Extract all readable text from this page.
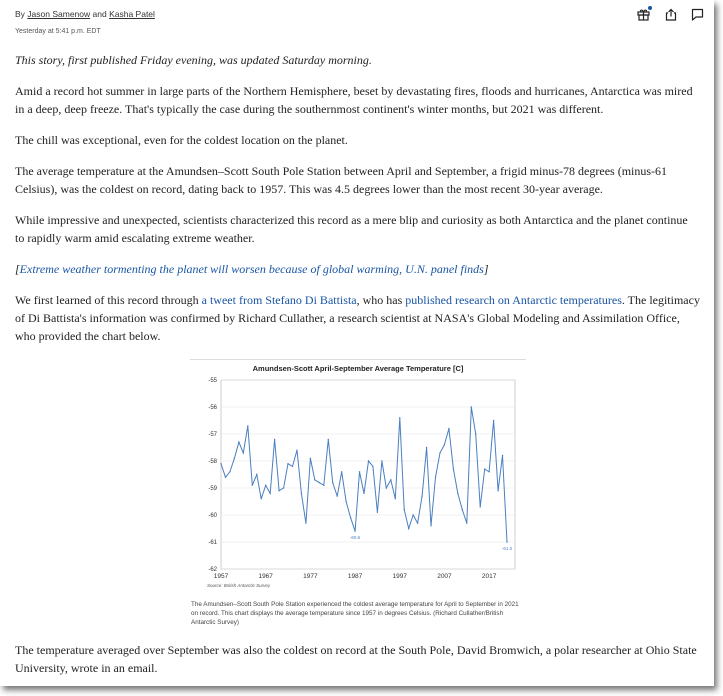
By Jason Samenow and Kasha Patel
Yesterday at 5:41 p.m. EDT

This story, first published Friday evening, was updated Saturday morning.

Amid a record hot summer in large parts of the Northern Hemisphere, beset by devastating fires, floods and hurricanes, Antarctica was mired in a deep, deep freeze. That's typically the case during the southernmost continent's winter months, but 2021 was different.

The chill was exceptional, even for the coldest location on the planet.

The average temperature at the Amundsen–Scott South Pole Station between April and September, a frigid minus-78 degrees (minus-61 Celsius), was the coldest on record, dating back to 1957. This was 4.5 degrees lower than the most recent 30-year average.

While impressive and unexpected, scientists characterized this record as a mere blip and curiosity as both Antarctica and the planet continue to rapidly warm amid escalating extreme weather.

[Extreme weather tormenting the planet will worsen because of global warming, U.N. panel finds]

We first learned of this record through a tweet from Stefano Di Battista, who has published research on Antarctic temperatures. The legitimacy of Di Battista's information was confirmed by Richard Cullather, a research scientist at NASA's Global Modeling and Assimilation Office, who provided the chart below.

Amundsen-Scott April-September Average Temperature [C]
-55
-56
-57
-58
-59
-60
-61
-62
1957	1967	1977	1987	1997	2007	2017
-60.6
-61.0
Source: British Antarctic Survey
The Amundsen–Scott South Pole Station experienced the coldest average temperature for April to September in 2021 on record. This chart displays the average temperature since 1957 in degrees Celsius. (Richard Cullather/British Antarctic Survey)

The temperature averaged over September was also the coldest on record at the South Pole, David Bromwich, a polar researcher at Ohio State University, wrote in an email.
